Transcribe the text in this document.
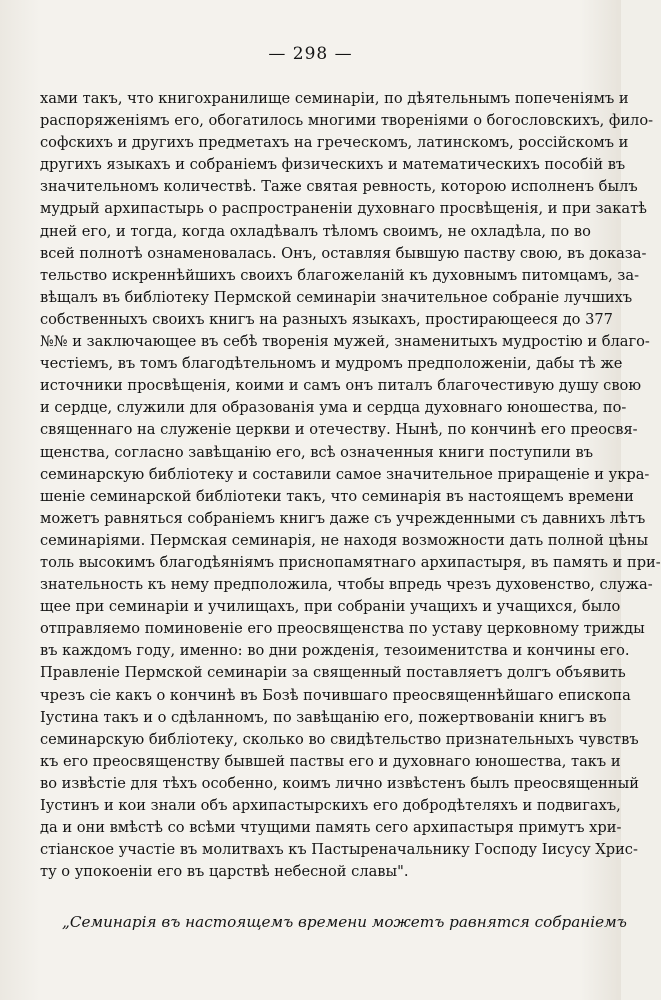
— 298 —
хами такъ, что книгохранилище семинаріи, по дѣятельнымъ попеченіямъ и
распоряженіямъ его, обогатилось многими твореніями о богословскихъ, фило-
софскихъ и другихъ предметахъ на греческомъ, латинскомъ, россійскомъ и
другихъ языкахъ и собраніемъ физическихъ и математическихъ пособій въ
значительномъ количествѣ. Таже святая ревность, которою исполненъ былъ
мудрый архипастырь о распространеніи духовнаго просвѣщенія, и при закатѣ
дней его, и тогда, когда охладѣвалъ тѣломъ своимъ, не охладѣла, по во
всей полнотѣ ознаменовалась. Онъ, оставляя бывшую паству свою, въ доказа-
тельство искреннѣйшихъ своихъ благожеланій къ духовнымъ питомцамъ, за-
вѣщалъ въ библіотеку Пермской семинаріи значительное собраніе лучшихъ
собственныхъ своихъ книгъ на разныхъ языкахъ, простирающееся до 377
№№ и заключающее въ себѣ творенія мужей, знаменитыхъ мудростію и благо-
честіемъ, въ томъ благодѣтельномъ и мудромъ предположеніи, дабы тѣ же
источники просвѣщенія, коими и самъ онъ питалъ благочестивую душу свою
и сердце, служили для образованія ума и сердца духовнаго юношества, по-
священнаго на служеніе церкви и отечеству. Нынѣ, по кончинѣ его преосвя-
щенства, согласно завѣщанію его, всѣ означенныя книги поступили въ
семинарскую библіотеку и составили самое значительное приращеніе и укра-
шеніе семинарской библіотеки такъ, что семинарія въ настоящемъ времени
можетъ равняться собраніемъ книгъ даже съ учрежденными съ давнихъ лѣтъ
семинаріями. Пермская семинарія, не находя возможности дать полной цѣны
толь высокимъ благодѣяніямъ приснопамятнаго архипастыря, въ память и при-
знательность къ нему предположила, чтобы впредь чрезъ духовенство, служа-
щее при семинаріи и училищахъ, при собраніи учащихъ и учащихся, было
отправляемо поминовеніе его преосвященства по уставу церковному трижды
въ каждомъ году, именно: во дни рожденія, тезоименитства и кончины его.
Правленіе Пермской семинаріи за священный поставляетъ долгъ объявить
чрезъ сіе какъ о кончинѣ въ Бозѣ почившаго преосвященнѣйшаго епископа
Іустина такъ и о сдѣланномъ, по завѣщанію его, пожертвованіи книгъ въ
семинарскую библіотеку, сколько во свидѣтельство признательныхъ чувствъ
къ его преосвященству бывшей паствы его и духовнаго юношества, такъ и
во извѣстіе для тѣхъ особенно, коимъ лично извѣстенъ былъ преосвященный
Іустинъ и кои знали объ архипастырскихъ его добродѣтеляхъ и подвигахъ,
да и они вмѣстѣ со всѣми чтущими память сего архипастыря примутъ хри-
стіанское участіе въ молитвахъ къ Пастыреначальнику Господу Іисусу Хрис-
ту о упокоеніи его въ царствѣ небесной славы".
„Семинарія въ настоящемъ времени можетъ равнятся собраніемъ
